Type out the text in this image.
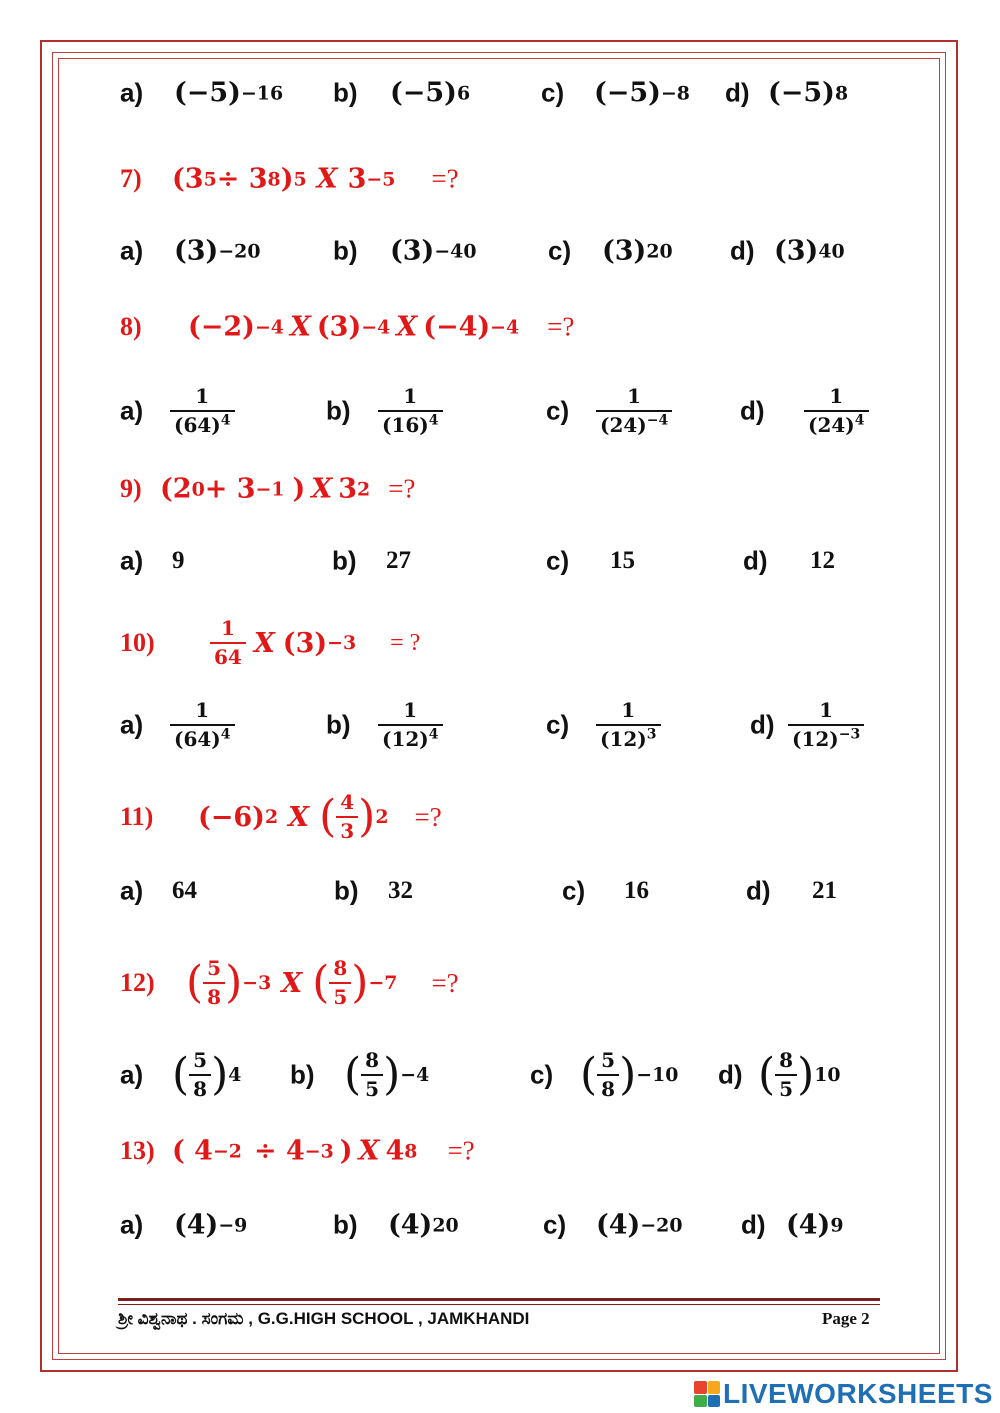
a) (−5) −16 b) (−5) 6	c) (−5) −8 d) (−5) 8
7) (3 5 ÷ 3 8 ) 5 X 3 −5 =?
a) (3) −20	b) (3) −40	c) (3) 20 d) (3) 40
8) (−2) −4 X (3) −4 X (−4) −4 =?
$a) \frac{1}{(64)^4}$	$b) \frac{1}{(16)^4}$	$c) \frac{1}{(24)^{-4}}$	$d) \frac{1}{(24)^4}$
9) (2 0 + 3 −1 ) X 3 2 =?
a) 9	b) 27	c) 15	d) 12
10)	$\frac{1}{64}$ X (3) −3 = ?
$a) \frac{1}{(64)^4}$	$b) \frac{1}{(12)^4}$	$c) \frac{1}{(12)^3}$	$d) \frac{1}{(12)^{-3}}$
11) (−6) 2 X ( $\frac{4}{3}$ ) 2 =?
a) 64	b) 32	c) 16	d) 21
12) ( $\frac{5}{8}$ ) −3 X ( $\frac{8}{5}$ ) −7 =?
a) ( $\frac{5}{8}$ ) 4 b) ( $\frac{8}{5}$ ) −4	c) ( $\frac{5}{8}$ ) −10 d) ( $\frac{8}{5}$ ) 10
13) ( 4 −2 ÷ 4 −3 ) X 4 8 =?
a) (4) −9	b) (4) 20	c) (4) −20 d) (4) 9
ಶ್ರೀ ವಿಶ್ವನಾಥ . ಸಂಗಮ , G.G.HIGH SCHOOL , JAMKHANDI	Page 2
LIVEWORKSHEETS
